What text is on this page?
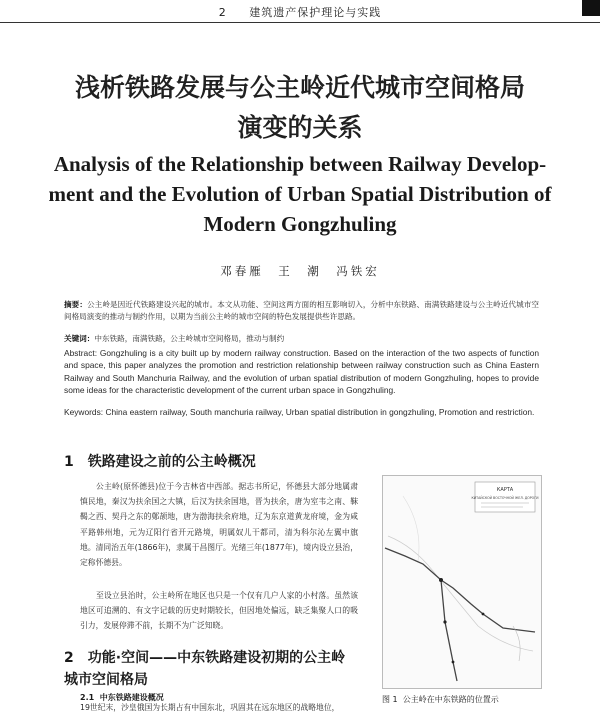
2 建筑遗产保护理论与实践
浅析铁路发展与公主岭近代城市空间格局
演变的关系
Analysis of the Relationship between Railway Develop-
ment and the Evolution of Urban Spatial Distribution of
Modern Gongzhuling
邓春雁　王　潮　冯铁宏
摘要：公主岭是因近代铁路建设兴起的城市。本文从功能、空间这两方面的相互影响切入，分析中东铁路、南满铁路建设与公主岭近代城市空间格局演变的推动与制约作用，以期为当前公主岭的城市空间的特色发展提供些许思路。
关键词：中东铁路，南满铁路，公主岭城市空间格局，推动与制约
Abstract: Gongzhuling is a city built up by modern railway construction. Based on the interaction of the two aspects of function and space, this paper analyzes the promotion and restriction relationship between railway construction such as China Eastern Railway and South Manchuria Railway, and the evolution of urban spatial distribution of modern Gongzhuling, hopes to provide some ideas for the characteristic development of the current urban space in Gongzhuling.
Keywords: China eastern railway, South manchuria railway, Urban spatial distribution in gongzhuling, Promotion and restriction.
1 铁路建设之前的公主岭概况
公主岭(原怀德县)位于今吉林省中西部。据志书所记，怀德县大部分地属肃慎民地，秦汉为扶余国之大镇，后汉为扶余国地，晋为扶余，唐为室韦之南、靺鞨之西、契丹之东的鄚颉地，唐为渤海扶余府地，辽为东京道黄龙府境，金为咸平路韩州地，元为辽阳行省开元路境，明属奴儿干都司，清为科尔沁左翼中旗地。清同治五年(1866年)，隶属于昌图厅。光绪三年(1877年)，境内设立县治，定称怀德县。
至设立县治时，公主岭所在地区也只是一个仅有几户人家的小村落。虽然该地区可追溯的、有文字记载的历史时期较长，但因地处偏远，缺乏集聚人口的吸引力，发展停滞不前，长期不为广泛知晓。
2 功能·空间——中东铁路建设初期的公主岭
城市空间格局
2.1 中东铁路建设概况
19世纪末，沙皇俄国为长期占有中国东北，巩固其在远东地区的战略地位，
КАРТА
КИТАЙСКОЙ ВОСТОЧНОЙ ЖЕЛ. ДОРОГИ
图 1 公主岭在中东铁路的位置示
